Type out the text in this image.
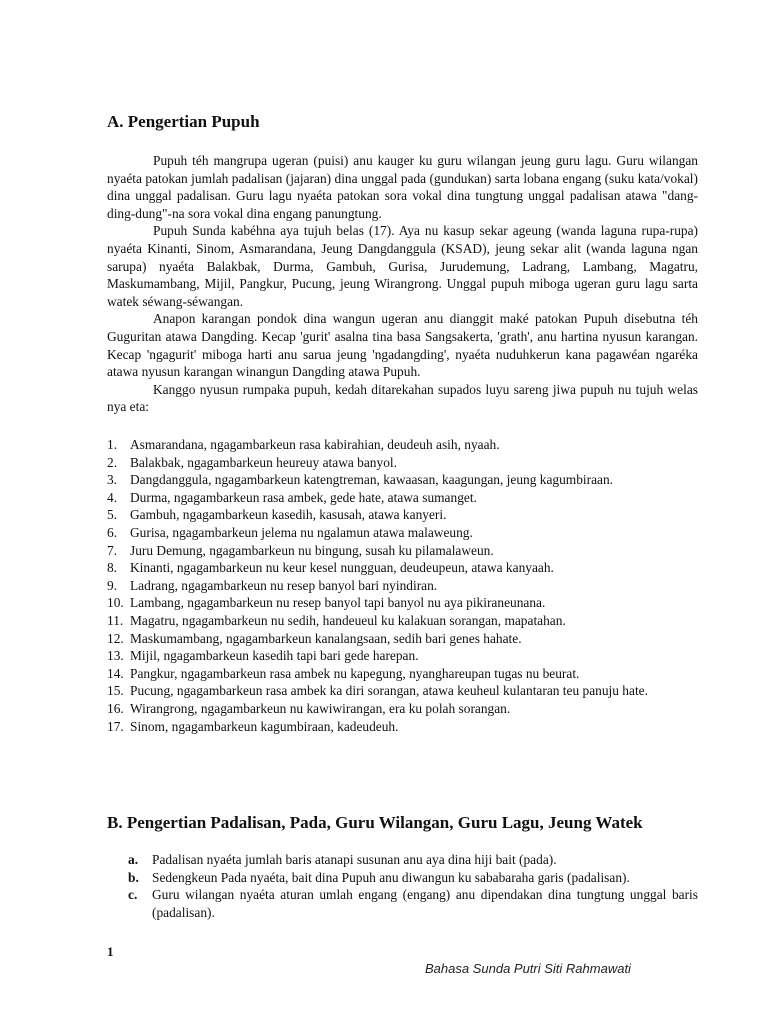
A. Pengertian Pupuh

Pupuh téh mangrupa ugeran (puisi) anu kauger ku guru wilangan jeung guru lagu. Guru wilangan nyaéta patokan jumlah padalisan (jajaran) dina unggal pada (gundukan) sarta lobana engang (suku kata/vokal) dina unggal padalisan. Guru lagu nyaéta patokan sora vokal dina tungtung unggal padalisan atawa "dang-ding-dung"-na sora vokal dina engang panungtung.

Pupuh Sunda kabéhna aya tujuh belas (17). Aya nu kasup sekar ageung (wanda laguna rupa-rupa) nyaéta Kinanti, Sinom, Asmarandana, Jeung Dangdanggula (KSAD), jeung sekar alit (wanda laguna ngan sarupa) nyaéta Balakbak, Durma, Gambuh, Gurisa, Jurudemung, Ladrang, Lambang, Magatru, Maskumambang, Mijil, Pangkur, Pucung, jeung Wirangrong. Unggal pupuh miboga ugeran guru lagu sarta watek séwang-séwangan.

Anapon karangan pondok dina wangun ugeran anu dianggit maké patokan Pupuh disebutna téh Guguritan atawa Dangding. Kecap 'gurit' asalna tina basa Sangsakerta, 'grath', anu hartina nyusun karangan. Kecap 'ngagurit' miboga harti anu sarua jeung 'ngadangding', nyaéta nuduhkerun kana pagawéan ngaréka atawa nyusun karangan winangun Dangding atawa Pupuh.

Kanggo nyusun rumpaka pupuh, kedah ditarekahan supados luyu sareng jiwa pupuh nu tujuh welas nya eta:

1. Asmarandana, ngagambarkeun rasa kabirahian, deudeuh asih, nyaah.
2. Balakbak, ngagambarkeun heureuy atawa banyol.
3. Dangdanggula, ngagambarkeun katengtreman, kawaasan, kaagungan, jeung kagumbiraan.
4. Durma, ngagambarkeun rasa ambek, gede hate, atawa sumanget.
5. Gambuh, ngagambarkeun kasedih, kasusah, atawa kanyeri.
6. Gurisa, ngagambarkeun jelema nu ngalamun atawa malaweung.
7. Juru Demung, ngagambarkeun nu bingung, susah ku pilamalaweun.
8. Kinanti, ngagambarkeun nu keur kesel nungguan, deudeupeun, atawa kanyaah.
9. Ladrang, ngagambarkeun nu resep banyol bari nyindiran.
10. Lambang, ngagambarkeun nu resep banyol tapi banyol nu aya pikiraneunana.
11. Magatru, ngagambarkeun nu sedih, handeueul ku kalakuan sorangan, mapatahan.
12. Maskumambang, ngagambarkeun kanalangsaan, sedih bari genes hahate.
13. Mijil, ngagambarkeun kasedih tapi bari gede harepan.
14. Pangkur, ngagambarkeun rasa ambek nu kapegung, nyanghareupan tugas nu beurat.
15. Pucung, ngagambarkeun rasa ambek ka diri sorangan, atawa keuheul kulantaran teu panuju hate.
16. Wirangrong, ngagambarkeun nu kawiwirangan, era ku polah sorangan.
17. Sinom, ngagambarkeun kagumbiraan, kadeudeuh.
B. Pengertian Padalisan, Pada, Guru Wilangan, Guru Lagu, Jeung Watek
a. Padalisan nyaéta jumlah baris atanapi susunan anu aya dina hiji bait (pada).
b. Sedengkeun Pada nyaéta, bait dina Pupuh anu diwangun ku sababaraha garis (padalisan).
c. Guru wilangan nyaéta aturan umlah engang (engang) anu dipendakan dina tungtung unggal baris (padalisan).
1
Bahasa Sunda Putri Siti Rahmawati
